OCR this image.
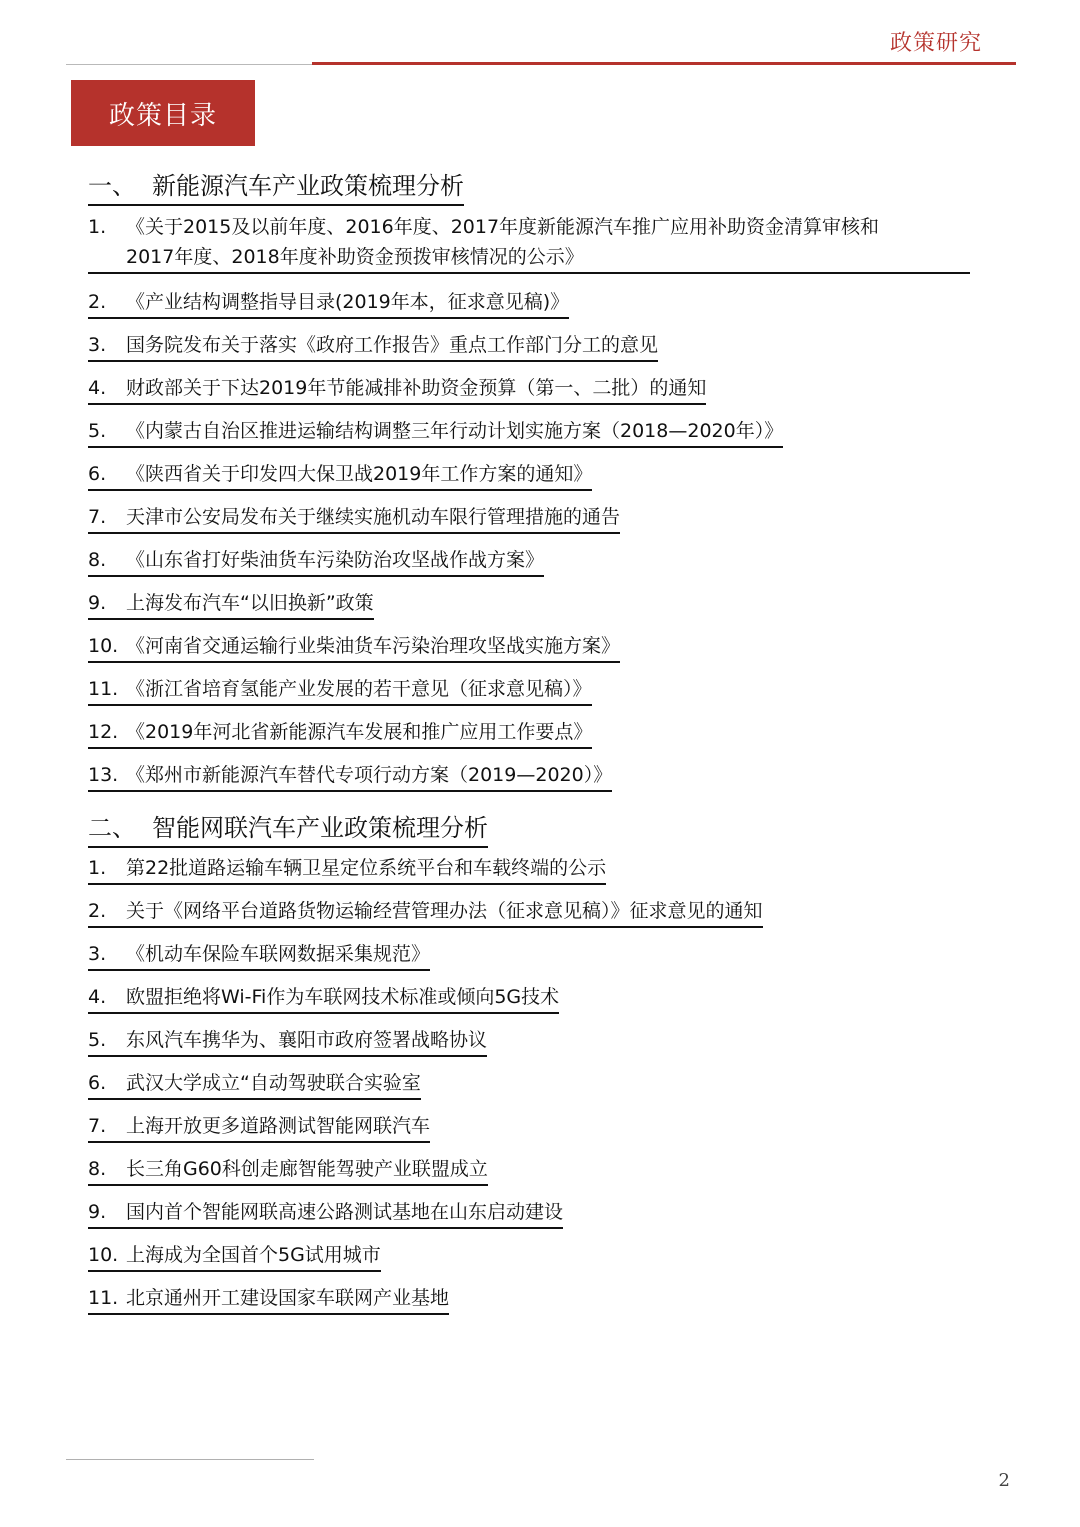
政策研究
政策目录
一、 新能源汽车产业政策梳理分析
1. 《关于2015及以前年度、2016年度、2017年度新能源汽车推广应用补助资金清算审核和
2017年度、2018年度补助资金预拨审核情况的公示》
2. 《产业结构调整指导目录(2019年本，征求意见稿)》
3. 国务院发布关于落实《政府工作报告》重点工作部门分工的意见
4. 财政部关于下达2019年节能减排补助资金预算（第一、二批）的通知
5. 《内蒙古自治区推进运输结构调整三年行动计划实施方案（2018—2020年）》
6. 《陕西省关于印发四大保卫战2019年工作方案的通知》
7. 天津市公安局发布关于继续实施机动车限行管理措施的通告
8. 《山东省打好柴油货车污染防治攻坚战作战方案》
9. 上海发布汽车“以旧换新”政策
10. 《河南省交通运输行业柴油货车污染治理攻坚战实施方案》
11. 《浙江省培育氢能产业发展的若干意见（征求意见稿）》
12. 《2019年河北省新能源汽车发展和推广应用工作要点》
13. 《郑州市新能源汽车替代专项行动方案（2019—2020）》
二、 智能网联汽车产业政策梳理分析
1. 第22批道路运输车辆卫星定位系统平台和车载终端的公示
2. 关于《网络平台道路货物运输经营管理办法（征求意见稿）》征求意见的通知
3. 《机动车保险车联网数据采集规范》
4. 欧盟拒绝将Wi-Fi作为车联网技术标准或倾向5G技术
5. 东风汽车携华为、襄阳市政府签署战略协议
6. 武汉大学成立“自动驾驶联合实验室
7. 上海开放更多道路测试智能网联汽车
8. 长三角G60科创走廊智能驾驶产业联盟成立
9. 国内首个智能网联高速公路测试基地在山东启动建设
10. 上海成为全国首个5G试用城市
11. 北京通州开工建设国家车联网产业基地
2
